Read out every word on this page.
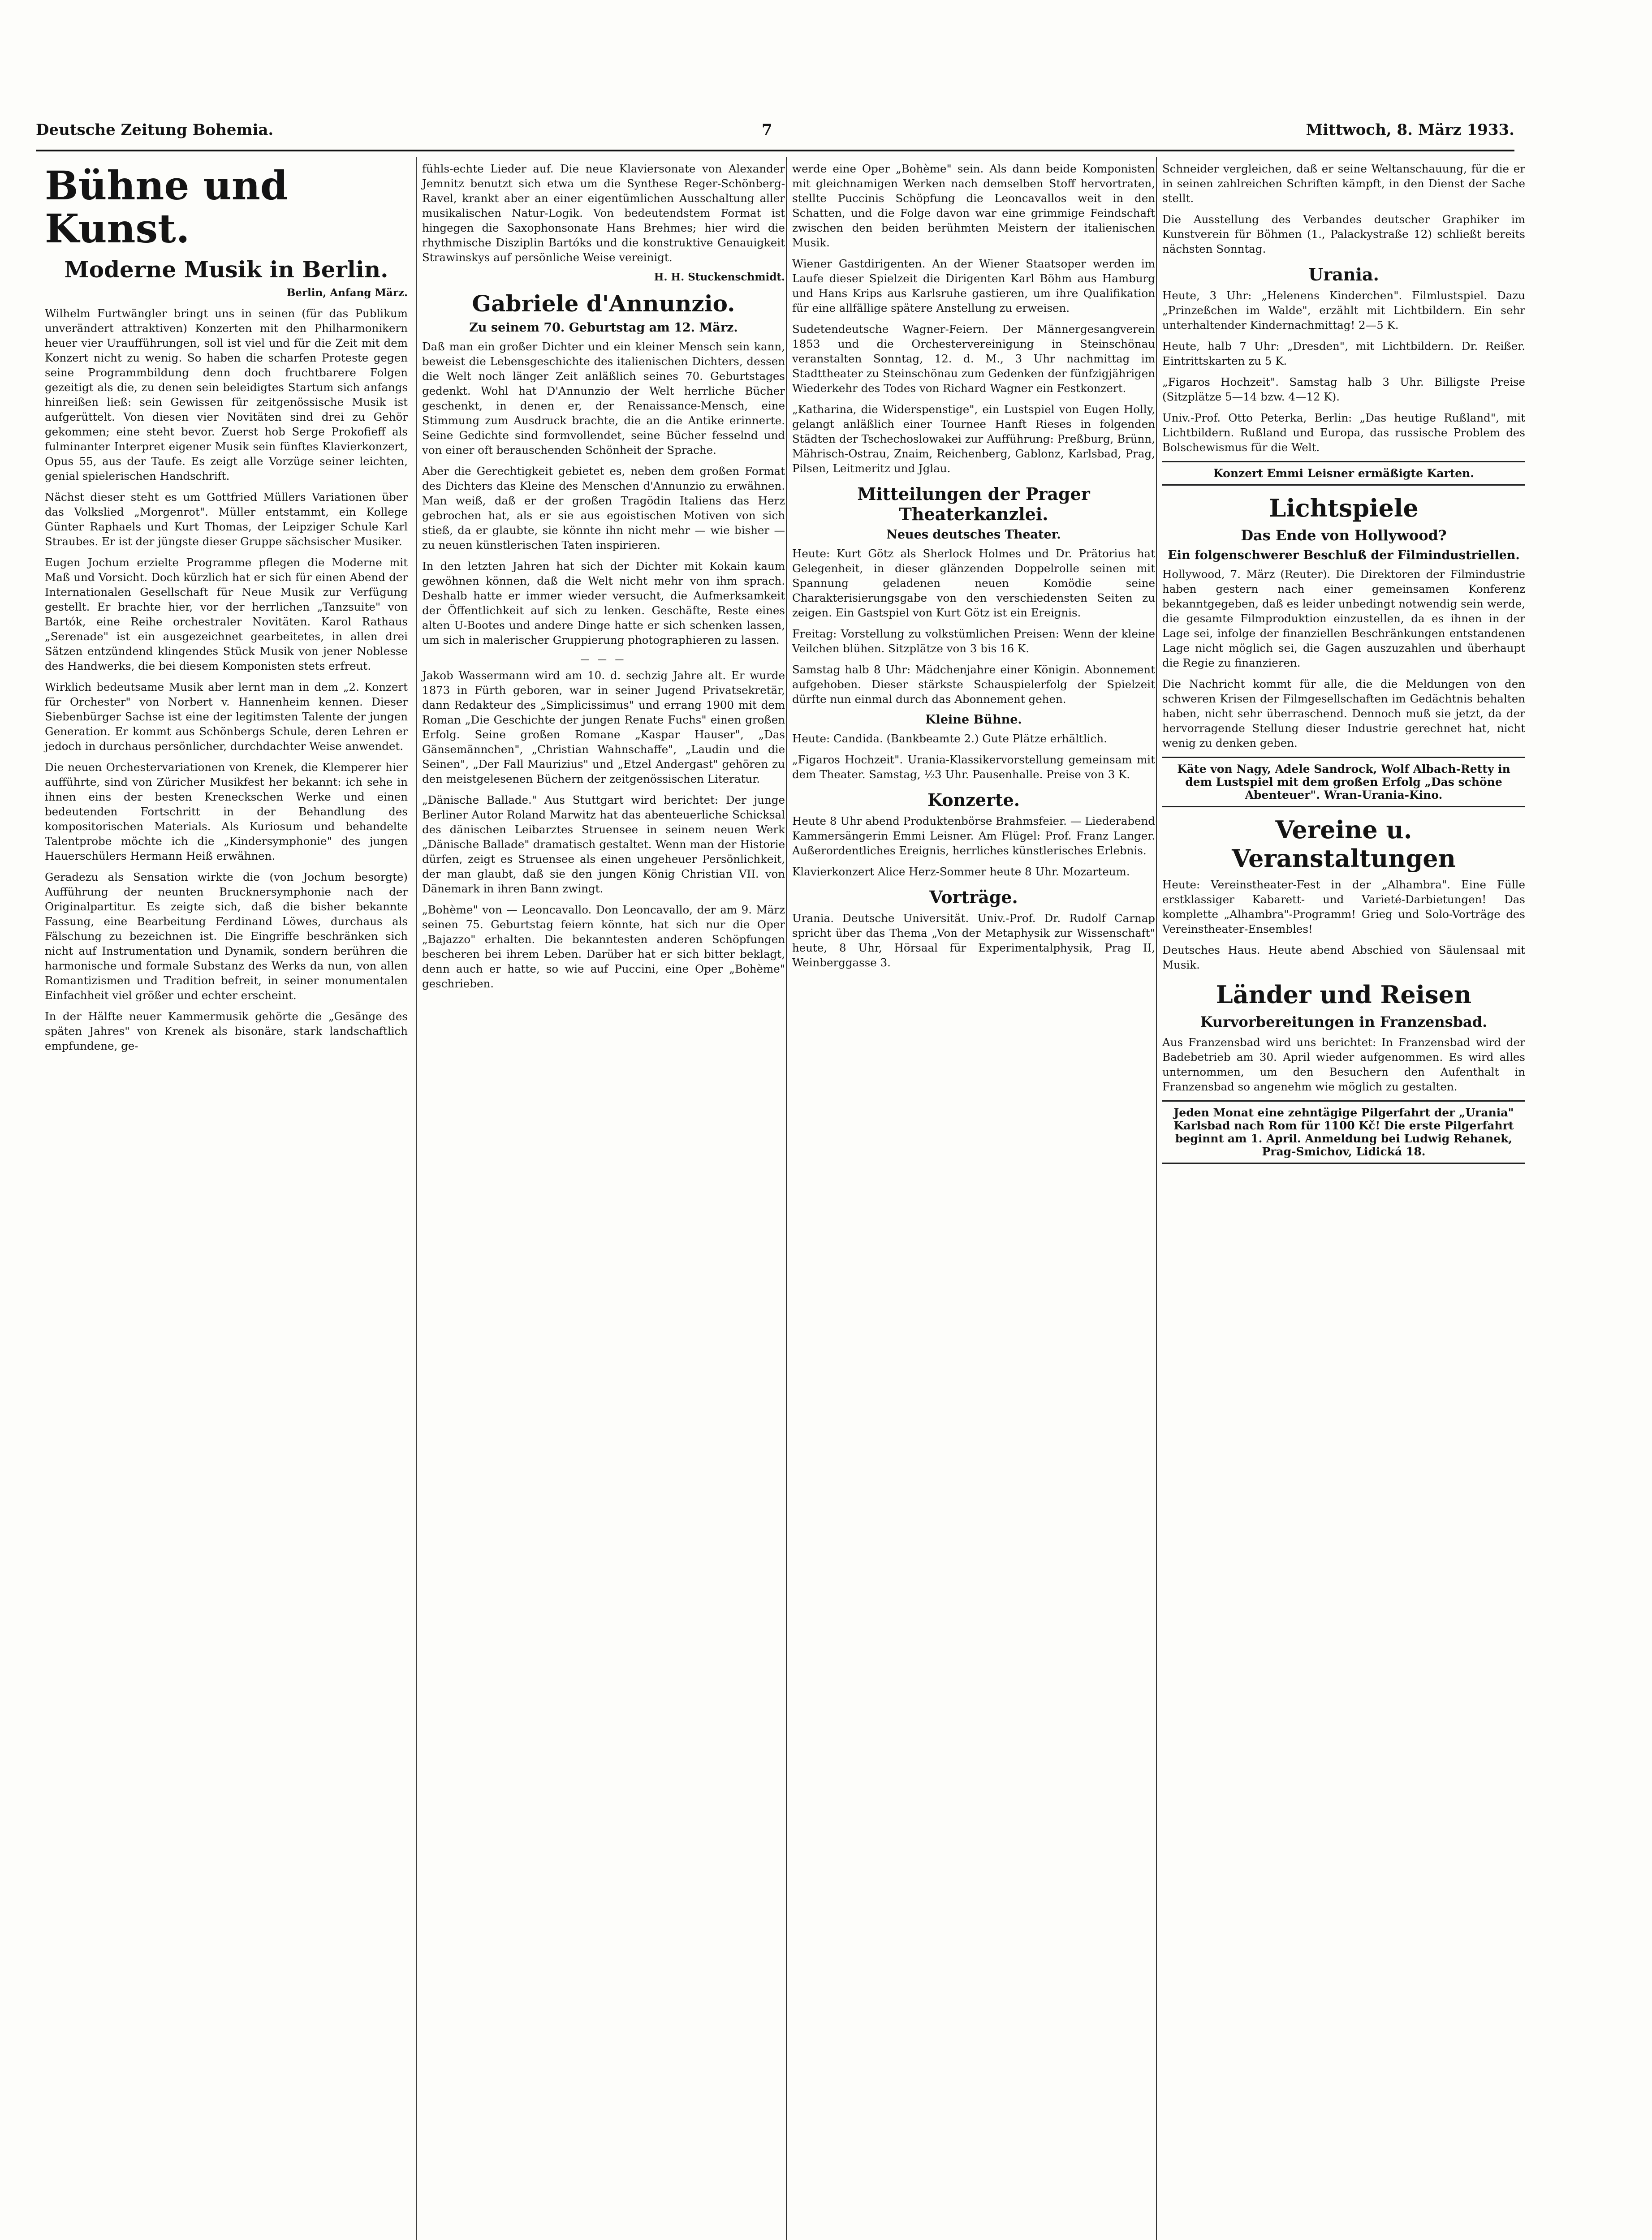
Deutsche Zeitung Bohemia.	7	Mittwoch, 8. März 1933.
Bühne und Kunst.
Moderne Musik in Berlin.
Berlin, Anfang März.

Wilhelm Furtwängler bringt uns in seinen (für das Publikum unverändert attraktiven) Konzerten mit den Philharmonikern heuer vier Uraufführungen, soll ist viel und für die Zeit mit dem Konzert nicht zu wenig. So haben die scharfen Proteste gegen seine Programmbildung denn doch fruchtbarere Folgen gezeitigt als die, zu denen sein beleidigtes Startum sich anfangs hinreißen ließ: sein Gewissen für zeitgenössische Musik ist aufgerüttelt. Von diesen vier Novitäten sind drei zu Gehör gekommen; eine steht bevor. Zuerst hob Serge Prokofieff als fulminanter Interpret eigener Musik sein fünftes Klavierkonzert, Opus 55, aus der Taufe. Es zeigt alle Vorzüge seiner leichten, genial spielerischen Handschrift.

Nächst dieser steht es um Gottfried Müllers Variationen über das Volkslied „Morgenrot". Müller entstammt, ein Kollege Günter Raphaels und Kurt Thomas, der Leipziger Schule Karl Straubes. Er ist der jüngste dieser Gruppe sächsischer Musiker.

Eugen Jochum erzielte Programme pflegen die Moderne mit Maß und Vorsicht. Doch kürzlich hat er sich für einen Abend der Internationalen Gesellschaft für Neue Musik zur Verfügung gestellt. Er brachte hier, vor der herrlichen „Tanzsuite" von Bartók, eine Reihe orchestraler Novitäten. Karol Rathaus „Serenade" ist ein ausgezeichnet gearbeitetes, in allen drei Sätzen entzündend klingendes Stück Musik von jener Noblesse des Handwerks, die bei diesem Komponisten stets erfreut.

Wirklich bedeutsame Musik aber lernt man in dem „2. Konzert für Orchester" von Norbert v. Hannenheim kennen. Dieser Siebenbürger Sachse ist eine der legitimsten Talente der jungen Generation. Er kommt aus Schönbergs Schule, deren Lehren er jedoch in durchaus persönlicher, durchdachter Weise anwendet.

Die neuen Orchestervariationen von Krenek, die Klemperer hier aufführte, sind von Züricher Musikfest her bekannt: ich sehe in ihnen eins der besten Kreneckschen Werke und einen bedeutenden Fortschritt in der Behandlung des kompositorischen Materials. Als Kuriosum und behandelte Talentprobe möchte ich die „Kindersymphonie" des jungen Hauerschülers Hermann Heiß erwähnen.

Geradezu als Sensation wirkte die (von Jochum besorgte) Aufführung der neunten Brucknersymphonie nach der Originalpartitur. Es zeigte sich, daß die bisher bekannte Fassung, eine Bearbeitung Ferdinand Löwes, durchaus als Fälschung zu bezeichnen ist. Die Eingriffe beschränken sich nicht auf Instrumentation und Dynamik, sondern berühren die harmonische und formale Substanz des Werks da nun, von allen Romantizismen und Tradition befreit, in seiner monumentalen Einfachheit viel größer und echter erscheint.

In der Hälfte neuer Kammermusik gehörte die „Gesänge des späten Jahres" von Krenek als bisonäre, stark landschaftlich empfundene, ge-

fühls-echte Lieder auf. Die neue Klaviersonate von Alexander Jemnitz benutzt sich etwa um die Synthese Reger-Schönberg-Ravel, krankt aber an einer eigentümlichen Ausschaltung aller musikalischen Natur-Logik. Von bedeutendstem Format ist hingegen die Saxophonsonate Hans Brehmes; hier wird die rhythmische Disziplin Bartóks und die konstruktive Genauigkeit Strawinskys auf persönliche Weise vereinigt.

H. H. Stuckenschmidt.
Gabriele d'Annunzio.
Zu seinem 70. Geburtstag am 12. März.

Daß man ein großer Dichter und ein kleiner Mensch sein kann, beweist die Lebensgeschichte des italienischen Dichters, dessen die Welt noch länger Zeit anläßlich seines 70. Geburtstages gedenkt. Wohl hat D'Annunzio der Welt herrliche Bücher geschenkt, in denen er, der Renaissance-Mensch, eine Stimmung zum Ausdruck brachte, die an die Antike erinnerte. Seine Gedichte sind formvollendet, seine Bücher fesselnd und von einer oft berauschenden Schönheit der Sprache.

Aber die Gerechtigkeit gebietet es, neben dem großen Format des Dichters das Kleine des Menschen d'Annunzio zu erwähnen. Man weiß, daß er der großen Tragödin Italiens das Herz gebrochen hat, als er sie aus egoistischen Motiven von sich stieß, da er glaubte, sie könnte ihn nicht mehr — wie bisher — zu neuen künstlerischen Taten inspirieren.

In den letzten Jahren hat sich der Dichter mit Kokain kaum gewöhnen können, daß die Welt nicht mehr von ihm sprach. Deshalb hatte er immer wieder versucht, die Aufmerksamkeit der Öffentlichkeit auf sich zu lenken. Geschäfte, Reste eines alten U-Bootes und andere Dinge hatte er sich schenken lassen, um sich in malerischer Gruppierung photographieren zu lassen.

— — —

Jakob Wassermann wird am 10. d. sechzig Jahre alt. Er wurde 1873 in Fürth geboren, war in seiner Jugend Privatsekretär, dann Redakteur des „Simplicissimus" und errang 1900 mit dem Roman „Die Geschichte der jungen Renate Fuchs" einen großen Erfolg. Seine großen Romane „Kaspar Hauser", „Das Gänsemännchen", „Christian Wahnschaffe", „Laudin und die Seinen", „Der Fall Maurizius" und „Etzel Andergast" gehören zu den meistgelesenen Büchern der zeitgenössischen Literatur.

„Dänische Ballade." Aus Stuttgart wird berichtet: Der junge Berliner Autor Roland Marwitz hat das abenteuerliche Schicksal des dänischen Leibarztes Struensee in seinem neuen Werk „Dänische Ballade" dramatisch gestaltet. Wenn man der Historie dürfen, zeigt es Struensee als einen ungeheuer Persönlichkeit, der man glaubt, daß sie den jungen König Christian VII. von Dänemark in ihren Bann zwingt.

„Bohème" von — Leoncavallo. Don Leoncavallo, der am 9. März seinen 75. Geburtstag feiern könnte, hat sich nur die Oper „Bajazzo" erhalten. Die bekanntesten anderen Schöpfungen bescheren bei ihrem Leben. Darüber hat er sich bitter beklagt, denn auch er hatte, so wie auf Puccini, eine Oper „Bohème" geschrieben.

werde eine Oper „Bohème" sein. Als dann beide Komponisten mit gleichnamigen Werken nach demselben Stoff hervortraten, stellte Puccinis Schöpfung die Leoncavallos weit in den Schatten, und die Folge davon war eine grimmige Feindschaft zwischen den beiden berühmten Meistern der italienischen Musik.

Wiener Gastdirigenten. An der Wiener Staatsoper werden im Laufe dieser Spielzeit die Dirigenten Karl Böhm aus Hamburg und Hans Krips aus Karlsruhe gastieren, um ihre Qualifikation für eine allfällige spätere Anstellung zu erweisen.

Sudetendeutsche Wagner-Feiern. Der Männergesangverein 1853 und die Orchestervereinigung in Steinschönau veranstalten Sonntag, 12. d. M., 3 Uhr nachmittag im Stadttheater zu Steinschönau zum Gedenken der fünfzigjährigen Wiederkehr des Todes von Richard Wagner ein Festkonzert.

„Katharina, die Widerspenstige", ein Lustspiel von Eugen Holly, gelangt anläßlich einer Tournee Hanft Rieses in folgenden Städten der Tschechoslowakei zur Aufführung: Preßburg, Brünn, Mährisch-Ostrau, Znaim, Reichenberg, Gablonz, Karlsbad, Prag, Pilsen, Leitmeritz und Jglau.

Mitteilungen der Prager Theaterkanzlei.
Neues deutsches Theater.

Heute: Kurt Götz als Sherlock Holmes und Dr. Prätorius hat Gelegenheit, in dieser glänzenden Doppelrolle seinen mit Spannung geladenen neuen Komödie seine Charakterisierungsgabe von den verschiedensten Seiten zu zeigen. Ein Gastspiel von Kurt Götz ist ein Ereignis.

Freitag: Vorstellung zu volkstümlichen Preisen: Wenn der kleine Veilchen blühen. Sitzplätze von 3 bis 16 K.

Samstag halb 8 Uhr: Mädchenjahre einer Königin. Abonnement aufgehoben. Dieser stärkste Schauspielerfolg der Spielzeit dürfte nun einmal durch das Abonnement gehen.

Kleine Bühne.

Heute: Candida. (Bankbeamte 2.) Gute Plätze erhältlich.

„Figaros Hochzeit". Urania-Klassikervorstellung gemeinsam mit dem Theater. Samstag, ½3 Uhr. Pausenhalle. Preise von 3 K.

Konzerte.

Heute 8 Uhr abend Produktenbörse Brahmsfeier. — Liederabend Kammersängerin Emmi Leisner. Am Flügel: Prof. Franz Langer. Außerordentliches Ereignis, herrliches künstlerisches Erlebnis.

Klavierkonzert Alice Herz-Sommer heute 8 Uhr. Mozarteum.

Vorträge.

Urania. Deutsche Universität. Univ.-Prof. Dr. Rudolf Carnap spricht über das Thema „Von der Metaphysik zur Wissenschaft" heute, 8 Uhr, Hörsaal für Experimentalphysik, Prag II, Weinberggasse 3.

Schneider vergleichen, daß er seine Weltanschauung, für die er in seinen zahlreichen Schriften kämpft, in den Dienst der Sache stellt.

Die Ausstellung des Verbandes deutscher Graphiker im Kunstverein für Böhmen (1., Palackystraße 12) schließt bereits nächsten Sonntag.

Urania.

Heute, 3 Uhr: „Helenens Kinderchen". Filmlustspiel. Dazu „Prinzeßchen im Walde", erzählt mit Lichtbildern. Ein sehr unterhaltender Kindernachmittag! 2—5 K.

Heute, halb 7 Uhr: „Dresden", mit Lichtbildern. Dr. Reißer. Eintrittskarten zu 5 K.

„Figaros Hochzeit". Samstag halb 3 Uhr. Billigste Preise (Sitzplätze 5—14 bzw. 4—12 K).

Univ.-Prof. Otto Peterka, Berlin: „Das heutige Rußland", mit Lichtbildern. Rußland und Europa, das russische Problem des Bolschewismus für die Welt.

Konzert Emmi Leisner ermäßigte Karten.
Lichtspiele
Das Ende von Hollywood?
Ein folgenschwerer Beschluß der Filmindustriellen.

Hollywood, 7. März (Reuter). Die Direktoren der Filmindustrie haben gestern nach einer gemeinsamen Konferenz bekanntgegeben, daß es leider unbedingt notwendig sein werde, die gesamte Filmproduktion einzustellen, da es ihnen in der Lage sei, infolge der finanziellen Beschränkungen entstandenen Lage nicht möglich sei, die Gagen auszuzahlen und überhaupt die Regie zu finanzieren.

Die Nachricht kommt für alle, die die Meldungen von den schweren Krisen der Filmgesellschaften im Gedächtnis behalten haben, nicht sehr überraschend. Dennoch muß sie jetzt, da der hervorragende Stellung dieser Industrie gerechnet hat, nicht wenig zu denken geben.

Käte von Nagy, Adele Sandrock, Wolf Albach-Retty in dem Lustspiel mit dem großen Erfolg „Das schöne Abenteuer". Wran-Urania-Kino.
Vereine u. Veranstaltungen

Heute: Vereinstheater-Fest in der „Alhambra". Eine Fülle erstklassiger Kabarett- und Varieté-Darbietungen! Das komplette „Alhambra"-Programm! Grieg und Solo-Vorträge des Vereinstheater-Ensembles!

Deutsches Haus. Heute abend Abschied von Säulensaal mit Musik.

Länder und Reisen
Kurvorbereitungen in Franzensbad.

Aus Franzensbad wird uns berichtet: In Franzensbad wird der Badebetrieb am 30. April wieder aufgenommen. Es wird alles unternommen, um den Besuchern den Aufenthalt in Franzensbad so angenehm wie möglich zu gestalten.

Jeden Monat eine zehntägige Pilgerfahrt der „Urania" Karlsbad nach Rom für 1100 Kč! Die erste Pilgerfahrt beginnt am 1. April. Anmeldung bei Ludwig Rehanek, Prag-Smichov, Lidická 18.
